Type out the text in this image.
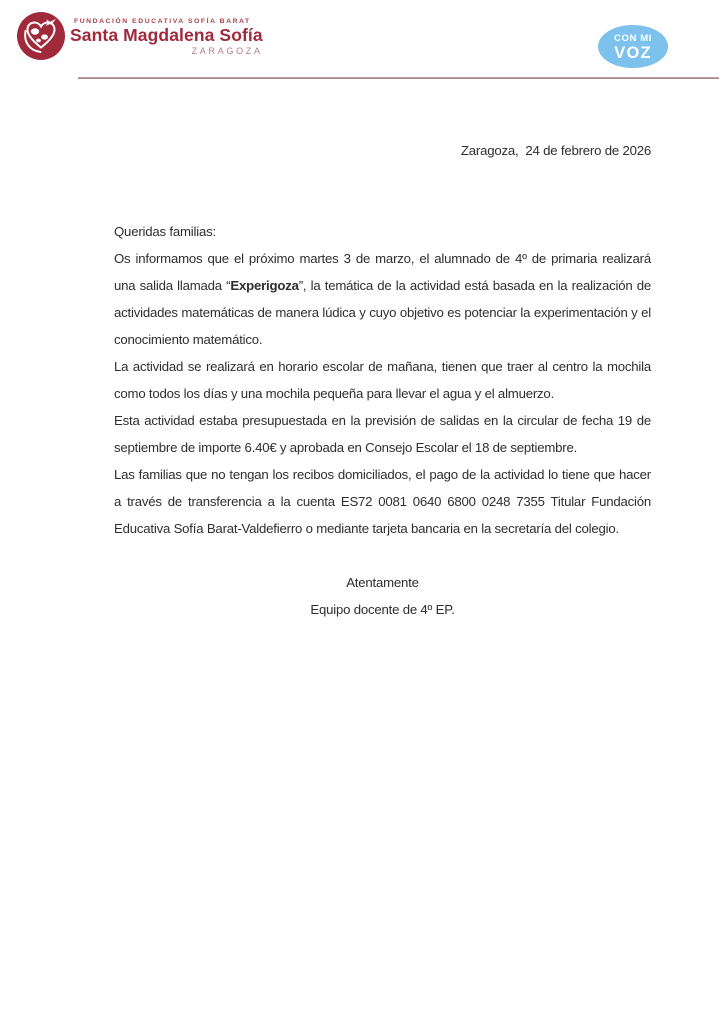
FUNDACIÓN EDUCATIVA SOFÍA BARAT
Santa Magdalena Sofía
ZARAGOZA
CON MI
VOZ
Zaragoza,  24 de febrero de 2026

Queridas familias:

Os informamos que el próximo martes 3 de marzo, el alumnado de 4º de primaria realizará una salida llamada “Experigoza”, la temática de la actividad está basada en la realización de actividades matemáticas de manera lúdica y cuyo objetivo es potenciar la experimentación y el conocimiento matemático.

La actividad se realizará en horario escolar de mañana, tienen que traer al centro la mochila como todos los días y una mochila pequeña para llevar el agua y el almuerzo.

Esta actividad estaba presupuestada en la previsión de salidas en la circular de fecha 19 de septiembre de importe 6.40€ y aprobada en Consejo Escolar el 18 de septiembre.

Las familias que no tengan los recibos domiciliados, el pago de la actividad lo tiene que hacer a través de transferencia a la cuenta ES72 0081 0640 6800 0248 7355 Titular Fundación Educativa Sofía Barat-Valdefierro o mediante tarjeta bancaria en la secretaría del colegio.

Atentamente
Equipo docente de 4º EP.
